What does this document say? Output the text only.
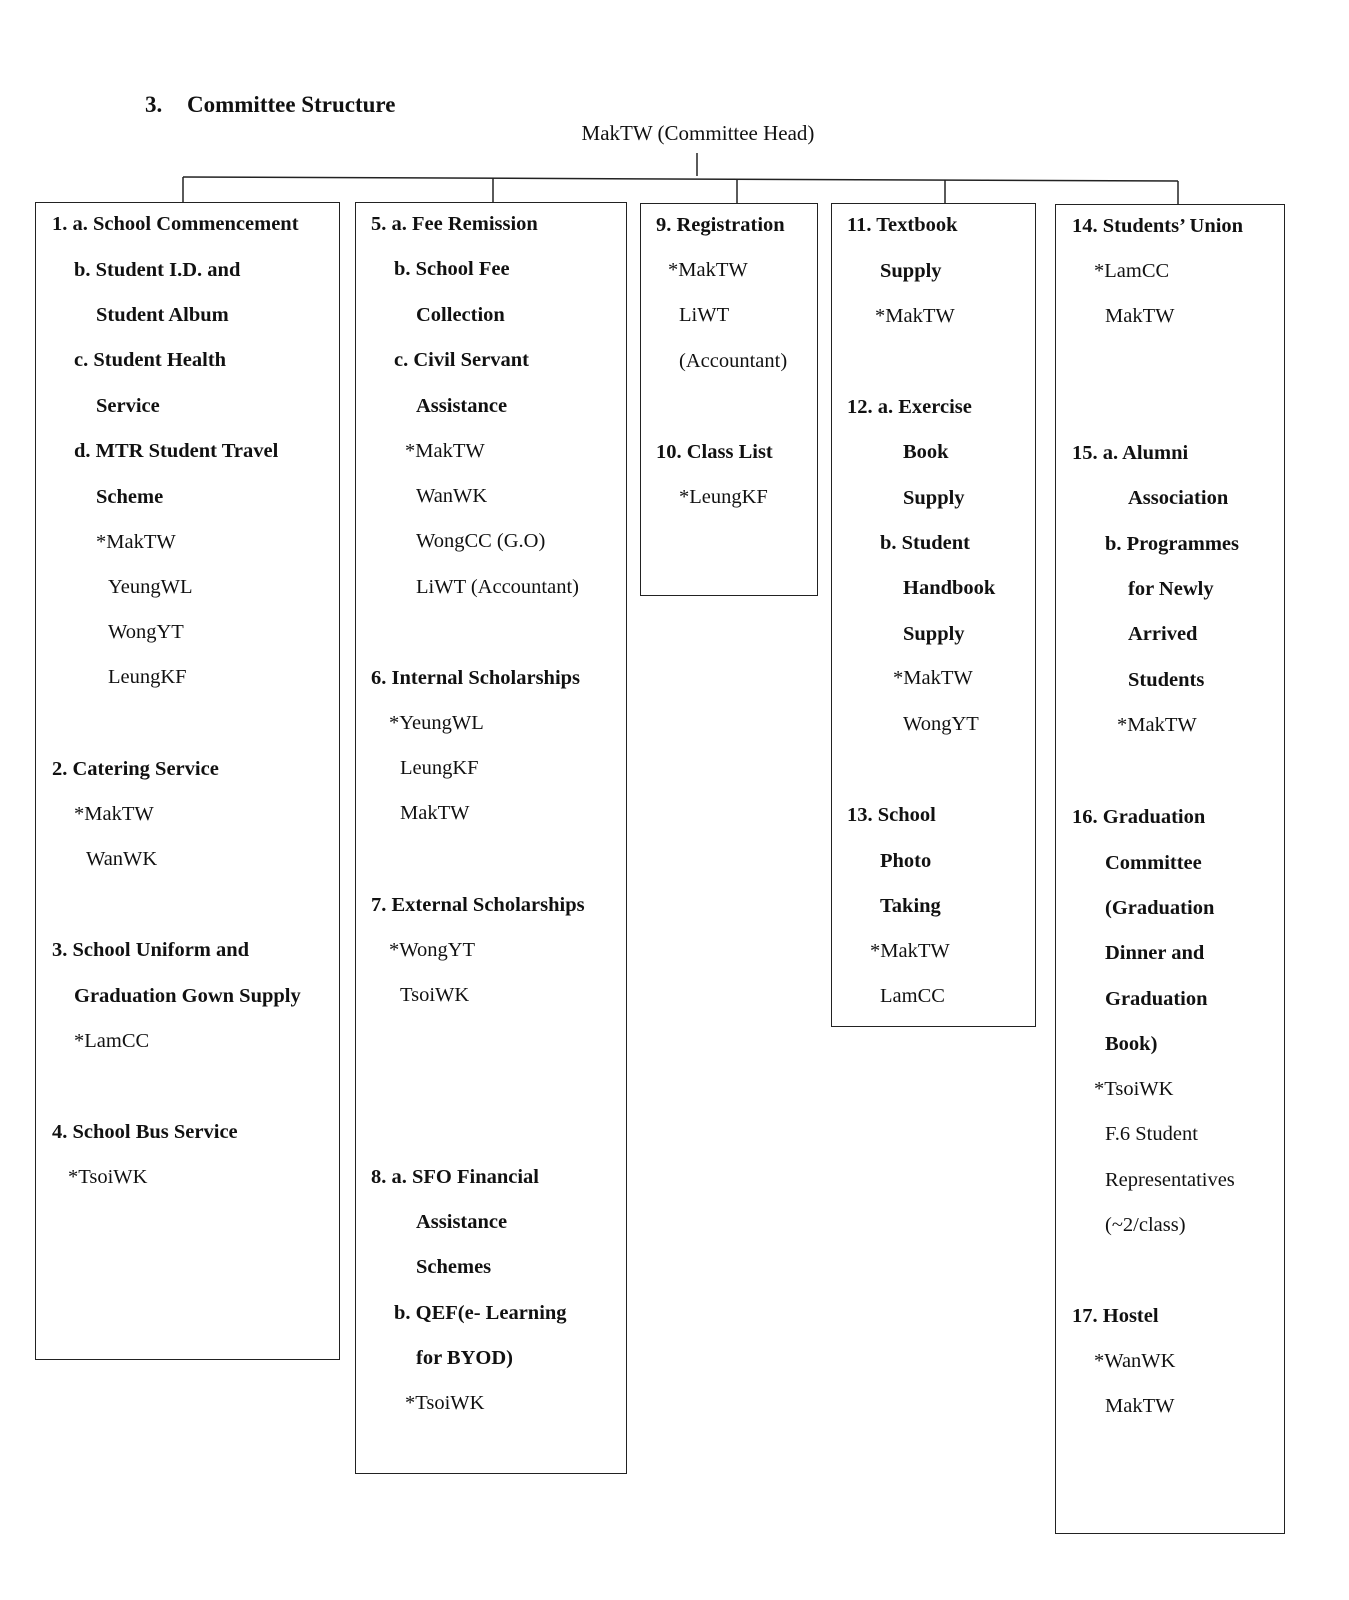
3. Committee Structure
MakTW (Committee Head)
1. a. School Commencement
b. Student I.D. and
Student Album
c. Student Health
Service
d. MTR Student Travel
Scheme
*MakTW
YeungWL
WongYT
LeungKF
2. Catering Service
*MakTW
WanWK
3. School Uniform and
Graduation Gown Supply
*LamCC
4. School Bus Service
*TsoiWK
5. a. Fee Remission
b. School Fee
Collection
c. Civil Servant
Assistance
*MakTW
WanWK
WongCC (G.O)
LiWT (Accountant)
6. Internal Scholarships
*YeungWL
LeungKF
MakTW
7. External Scholarships
*WongYT
TsoiWK
8. a. SFO Financial
Assistance
Schemes
b. QEF(e- Learning
for BYOD)
*TsoiWK
9. Registration
*MakTW
LiWT
(Accountant)
10. Class List
*LeungKF
11. Textbook
Supply
*MakTW
12. a. Exercise
Book
Supply
b. Student
Handbook
Supply
*MakTW
WongYT
13. School
Photo
Taking
*MakTW
LamCC
14. Students’ Union
*LamCC
MakTW
15. a. Alumni
Association
b. Programmes
for Newly
Arrived
Students
*MakTW
16. Graduation
Committee
(Graduation
Dinner and
Graduation
Book)
*TsoiWK
F.6 Student
Representatives
(~2/class)
17. Hostel
*WanWK
MakTW
